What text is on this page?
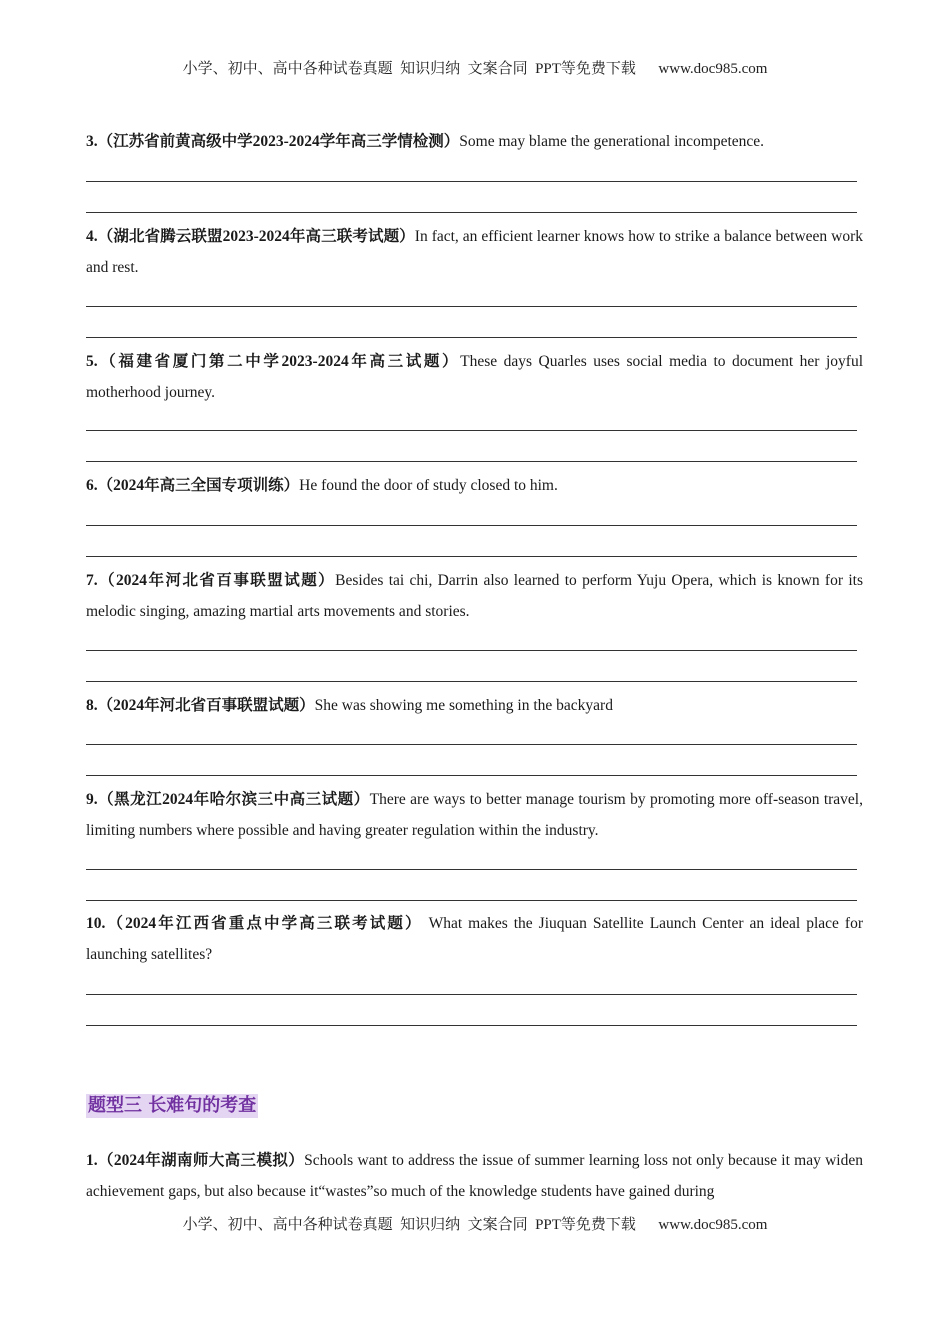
小学、初中、高中各种试卷真题  知识归纳  文案合同  PPT等免费下载      www.doc985.com
3.（江苏省前黄高级中学2023-2024学年高三学情检测）Some may blame the generational incompetence.
4.（湖北省腾云联盟2023-2024年高三联考试题）In fact, an efficient learner knows how to strike a balance between work and rest.
5.（福建省厦门第二中学2023-2024年高三试题）These days Quarles uses social media to document her joyful motherhood journey.
6.（2024年高三全国专项训练）He found the door of study closed to him.
7.（2024年河北省百事联盟试题）Besides tai chi, Darrin also learned to perform Yuju Opera, which is known for its melodic singing, amazing martial arts movements and stories.
8.（2024年河北省百事联盟试题）She was showing me something in the backyard
9.（黑龙江2024年哈尔滨三中高三试题）There are ways to better manage tourism by promoting more off-season travel, limiting numbers where possible and having greater regulation within the industry.
10.（2024年江西省重点中学高三联考试题） What makes the Jiuquan Satellite Launch Center an ideal place for launching satellites?
题型三 长难句的考查
1.（2024年湖南师大高三模拟）Schools want to address the issue of summer learning loss not only because it may widen achievement gaps, but also because it“wastes”so much of the knowledge students have gained during
小学、初中、高中各种试卷真题  知识归纳  文案合同  PPT等免费下载      www.doc985.com
